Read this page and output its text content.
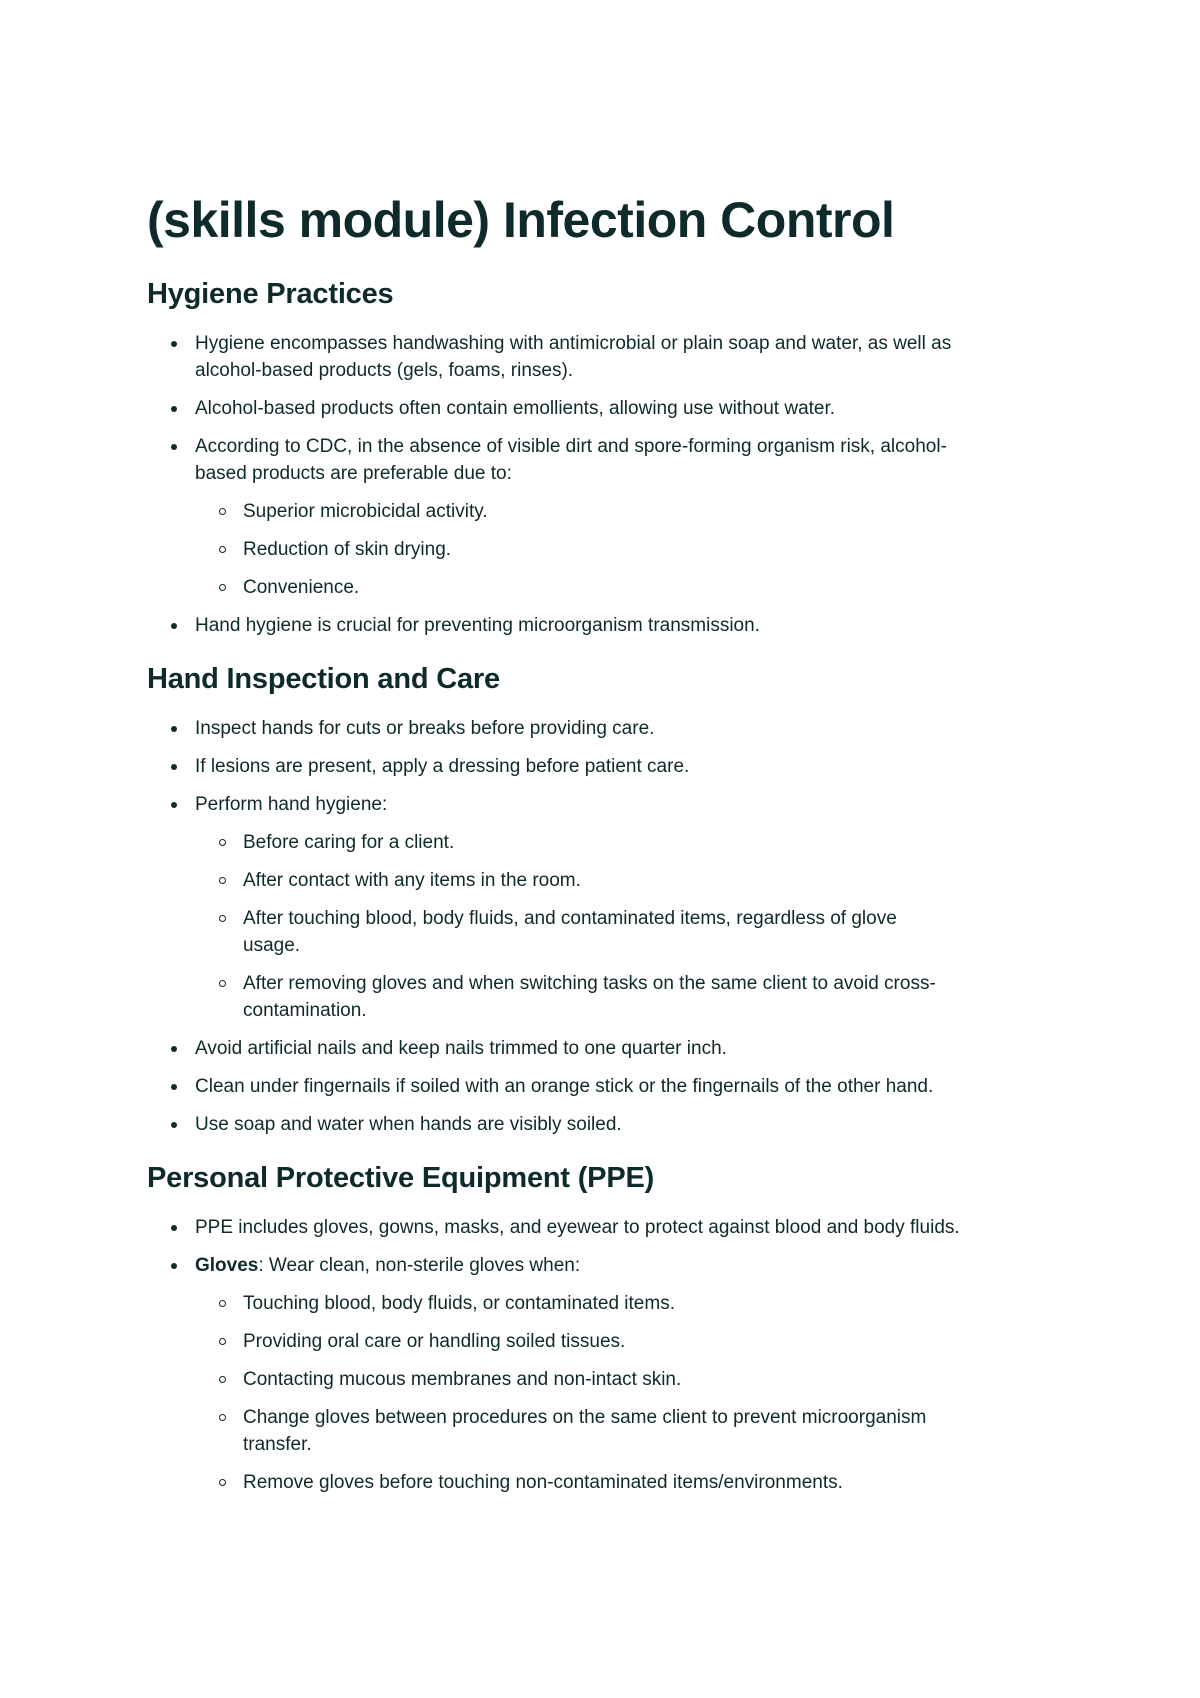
(skills module) Infection Control
Hygiene Practices
Hygiene encompasses handwashing with antimicrobial or plain soap and water, as well as alcohol-based products (gels, foams, rinses).
Alcohol-based products often contain emollients, allowing use without water.
According to CDC, in the absence of visible dirt and spore-forming organism risk, alcohol-based products are preferable due to:
Superior microbicidal activity.
Reduction of skin drying.
Convenience.
Hand hygiene is crucial for preventing microorganism transmission.
Hand Inspection and Care
Inspect hands for cuts or breaks before providing care.
If lesions are present, apply a dressing before patient care.
Perform hand hygiene:
Before caring for a client.
After contact with any items in the room.
After touching blood, body fluids, and contaminated items, regardless of glove usage.
After removing gloves and when switching tasks on the same client to avoid cross-contamination.
Avoid artificial nails and keep nails trimmed to one quarter inch.
Clean under fingernails if soiled with an orange stick or the fingernails of the other hand.
Use soap and water when hands are visibly soiled.
Personal Protective Equipment (PPE)
PPE includes gloves, gowns, masks, and eyewear to protect against blood and body fluids.
Gloves: Wear clean, non-sterile gloves when:
Touching blood, body fluids, or contaminated items.
Providing oral care or handling soiled tissues.
Contacting mucous membranes and non-intact skin.
Change gloves between procedures on the same client to prevent microorganism transfer.
Remove gloves before touching non-contaminated items/environments.
